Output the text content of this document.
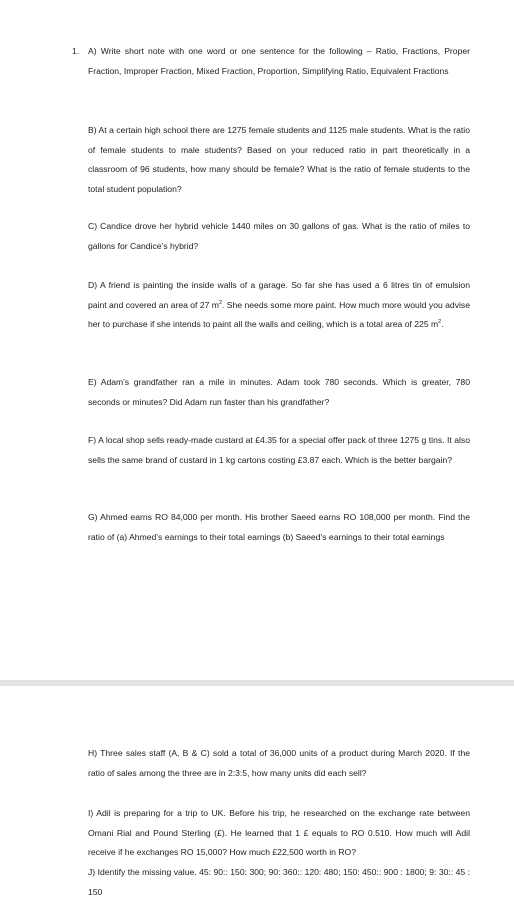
1. A) Write short note with one word or one sentence for the following – Ratio, Fractions, Proper Fraction, Improper Fraction, Mixed Fraction, Proportion, Simplifying Ratio, Equivalent Fractions

B) At a certain high school there are 1275 female students and 1125 male students. What is the ratio of female students to male students? Based on your reduced ratio in part theoretically in a classroom of 96 students, how many should be female? What is the ratio of female students to the total student population?

C) Candice drove her hybrid vehicle 1440 miles on 30 gallons of gas. What is the ratio of miles to gallons for Candice’s hybrid?

D) A friend is painting the inside walls of a garage. So far she has used a 6 litres tin of emulsion paint and covered an area of 27 $m^2$. She needs some more paint. How much more would you advise her to purchase if she intends to paint all the walls and ceiling, which is a total area of 225 $m^2$.

E) Adam's grandfather ran a mile in minutes. Adam took 780 seconds. Which is greater, 780 seconds or minutes? Did Adam run faster than his grandfather?

F) A local shop sells ready-made custard at £4.35 for a special offer pack of three 1275 g tins. It also sells the same brand of custard in 1 kg cartons costing £3.87 each. Which is the better bargain?

G) Ahmed earns RO 84,000 per month. His brother Saeed earns RO 108,000 per month. Find the ratio of (a) Ahmed’s earnings to their total earnings (b) Saeed’s earnings to their total earnings

H) Three sales staff (A, B & C) sold a total of 36,000 units of a product during March 2020. If the ratio of sales among the three are in 2:3:5, how many units did each sell?

I) Adil is preparing for a trip to UK. Before his trip, he researched on the exchange rate between Omani Rial and Pound Sterling (£). He learned that 1 £ equals to RO 0.510. How much will Adil receive if he exchanges RO 15,000? How much £22,500 worth in RO?

J) Identify the missing value. 45: 90:: 150: 300; 90: 360:: 120: 480; 150: 450:: 900 : 1800; 9: 30:: 45 : 150
